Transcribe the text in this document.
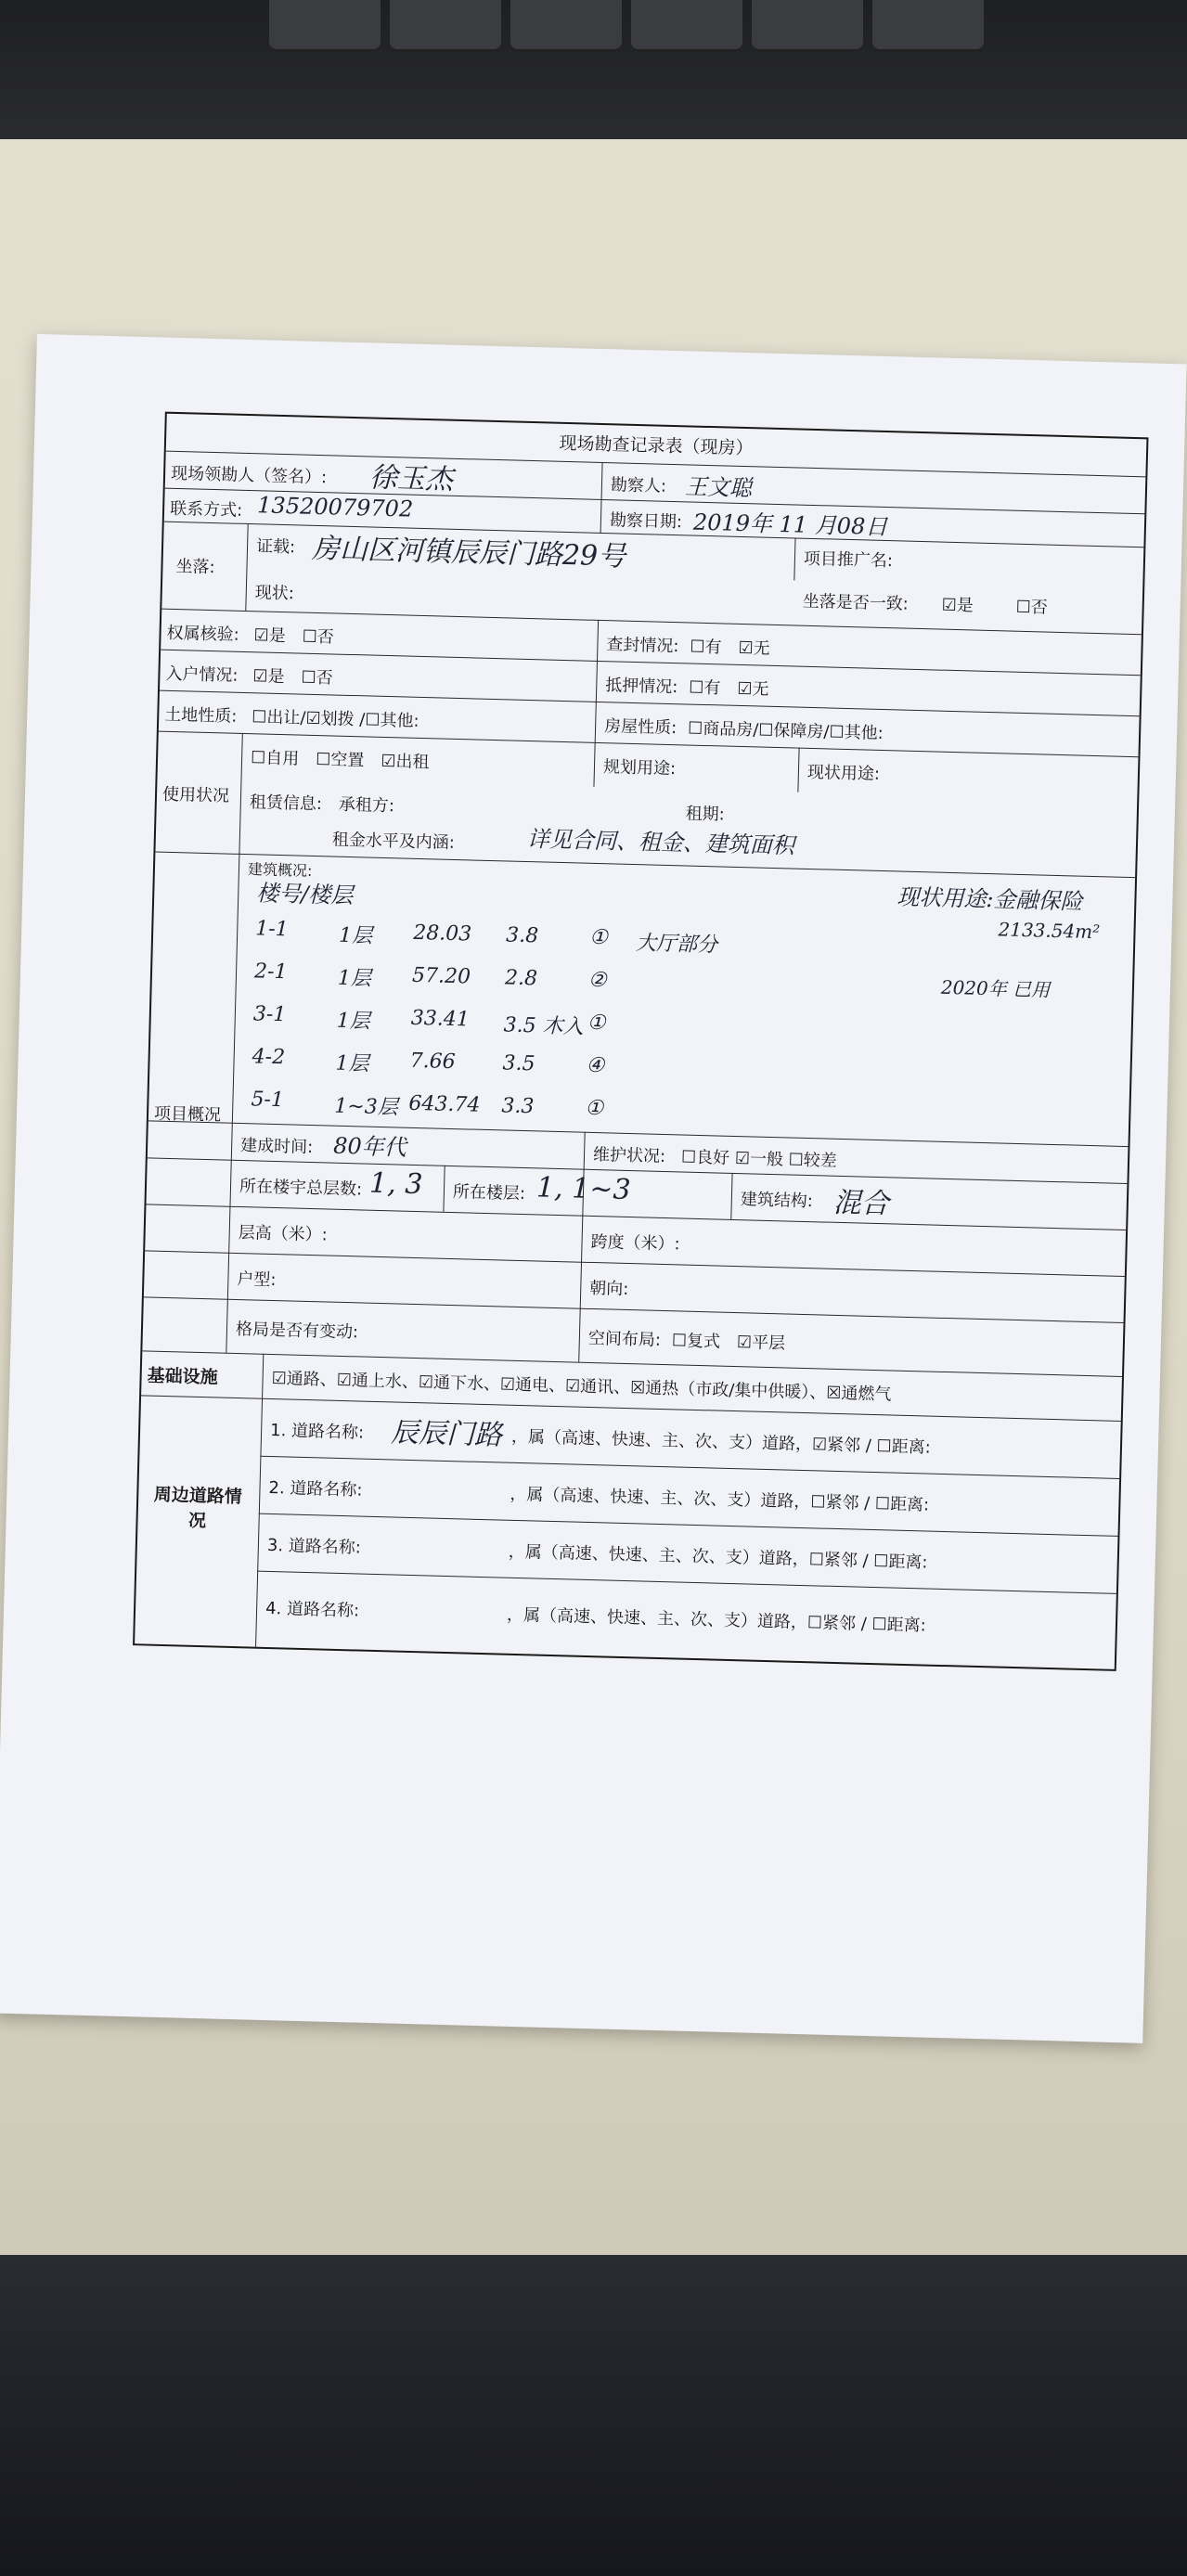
现场勘查记录表（现房）
现场领勘人（签名）: 徐玉杰	勘察人: 王文聪
联系方式: 13520079702	勘察日期: 2019年 11 月08日
项目推广名:
坐落:
证载: 房山区河镇辰辰门路29号
现状:	坐落是否一致: ☑是	☐否
权属核验: ☑是　☐否	查封情况: ☐有　☑无
入户情况: ☑是　☐否	抵押情况: ☐有　☑无
土地性质: ☐出让/☑划拨 /☐其他:	房屋性质: ☐商品房/☐保障房/☐其他:
使用状况
☐自用　☐空置　☑出租	规划用途:	现状用途:
租赁信息:　承租方:	租期:
租金水平及内涵:	详见合同、租金、建筑面积
项目概况
建筑概况:
楼号/楼层	现状用途:金融保险
2133.54m²
2020年 已用
建成时间: 80年代	维护状况: ☐良好 ☑一般 ☐较差
所在楼宇总层数: 1, 3 所在楼层: 1, 1~3	建筑结构: 混合
层高（米）:	跨度（米）:
户型:	朝向:
格局是否有变动:	空间布局: ☐复式　☑平层
基础设施	☑通路、☑通上水、☑通下水、☑通电、☑通讯、☒通热（市政/集中供暖）、☒通燃气
周边道路情况
1. 道路名称: 辰辰门路 ，属（高速、快速、主、次、支）道路，☑紧邻 / ☐距离:
2. 道路名称:	，属（高速、快速、主、次、支）道路，☐紧邻 / ☐距离:
3. 道路名称:	，属（高速、快速、主、次、支）道路，☐紧邻 / ☐距离:
4. 道路名称:	，属（高速、快速、主、次、支）道路，☐紧邻 / ☐距离:
1-1 1层 28.03 3.8 ① 大厅部分
2-1 1层 57.20 2.8 ②
3-1 1层 33.41 3.5 木入 ①
4-2 1层 7.66 3.5 ④
5-1 1~3层 643.74 3.3 ①
